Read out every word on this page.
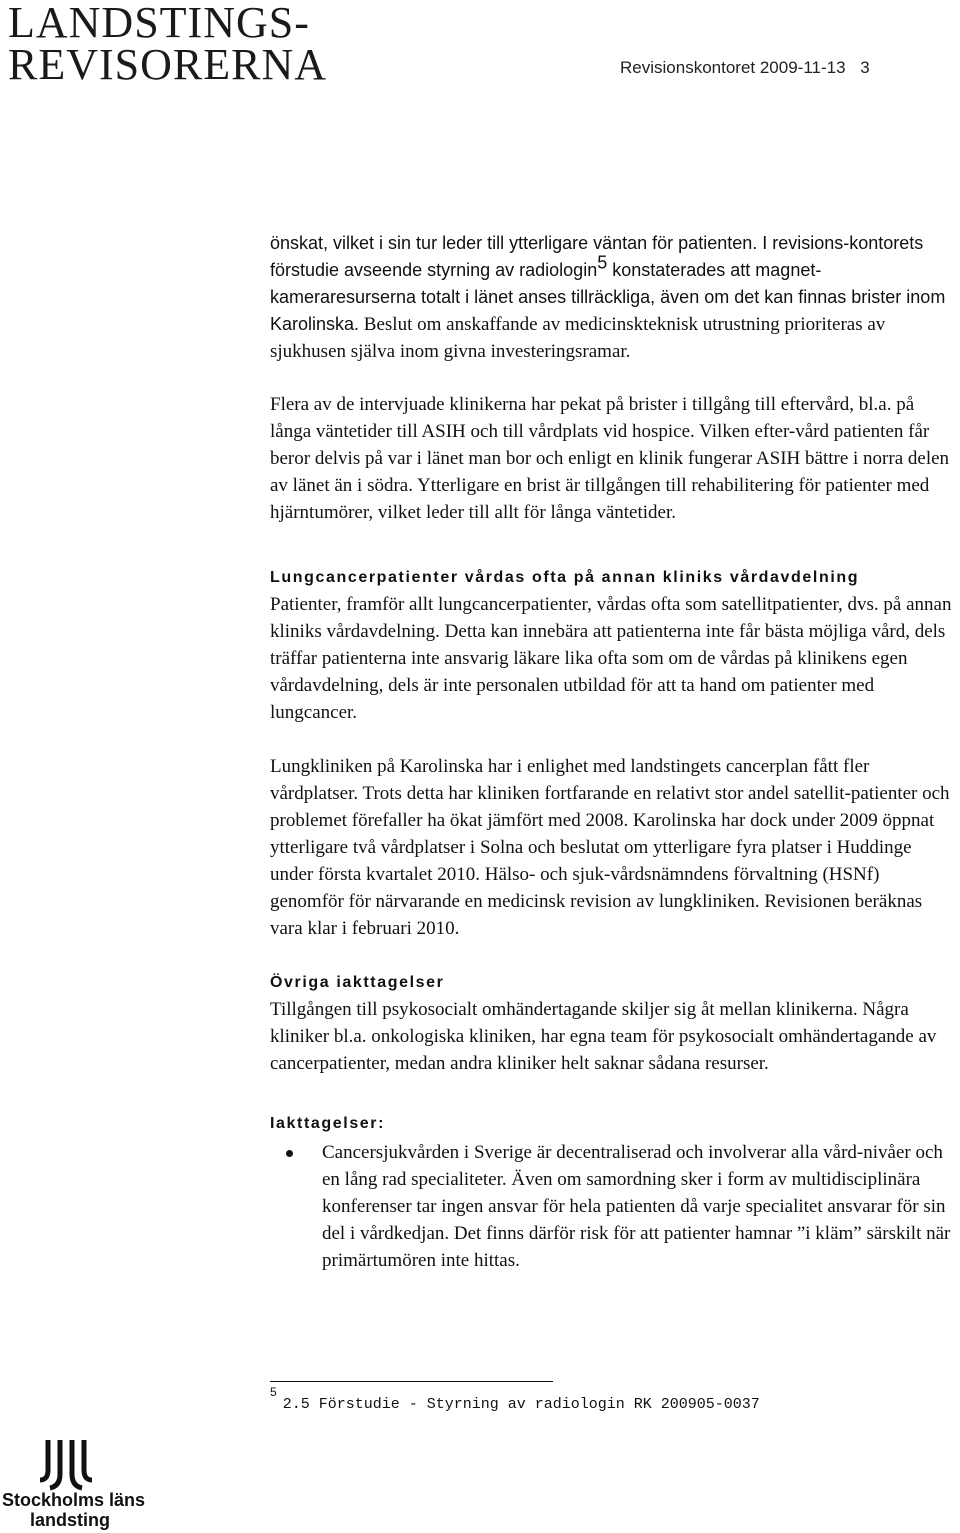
LANDSTINGS-
REVISORERNA	Revisionskontoret 2009-11-13 3

önskat, vilket i sin tur leder till ytterligare väntan för patienten. I revisions-kontorets förstudie avseende styrning av radiologin$^5$ konstaterades att magnet-kameraresurserna totalt i länet anses tillräckliga, även om det kan finnas brister inom Karolinska. Beslut om anskaffande av medicinskteknisk utrustning prioriteras av sjukhusen själva inom givna investeringsramar.

Flera av de intervjuade klinikerna har pekat på brister i tillgång till eftervård, bl.a. på långa väntetider till ASIH och till vårdplats vid hospice. Vilken efter-vård patienten får beror delvis på var i länet man bor och enligt en klinik fungerar ASIH bättre i norra delen av länet än i södra. Ytterligare en brist är tillgången till rehabilitering för patienter med hjärntumörer, vilket leder till allt för långa väntetider.

Lungcancerpatienter vårdas ofta på annan kliniks vårdavdelning

Patienter, framför allt lungcancerpatienter, vårdas ofta som satellitpatienter, dvs. på annan kliniks vårdavdelning. Detta kan innebära att patienterna inte får bästa möjliga vård, dels träffar patienterna inte ansvarig läkare lika ofta som om de vårdas på klinikens egen vårdavdelning, dels är inte personalen utbildad för att ta hand om patienter med lungcancer.

Lungkliniken på Karolinska har i enlighet med landstingets cancerplan fått fler vårdplatser. Trots detta har kliniken fortfarande en relativt stor andel satellit-patienter och problemet förefaller ha ökat jämfört med 2008. Karolinska har dock under 2009 öppnat ytterligare två vårdplatser i Solna och beslutat om ytterligare fyra platser i Huddinge under första kvartalet 2010. Hälso- och sjuk-vårdsnämndens förvaltning (HSNf) genomför för närvarande en medicinsk revision av lungkliniken. Revisionen beräknas vara klar i februari 2010.

Övriga iakttagelser

Tillgången till psykosocialt omhändertagande skiljer sig åt mellan klinikerna. Några kliniker bl.a. onkologiska kliniken, har egna team för psykosocialt omhändertagande av cancerpatienter, medan andra kliniker helt saknar sådana resurser.

Iakttagelser:
Cancersjukvården i Sverige är decentraliserad och involverar alla vård-nivåer och en lång rad specialiteter. Även om samordning sker i form av multidisciplinära konferenser tar ingen ansvar för hela patienten då varje specialitet ansvarar för sin del i vårdkedjan. Det finns därför risk för att patienter hamnar ”i kläm” särskilt när primärtumören inte hittas.
$^5$2.5 Förstudie - Styrning av radiologin RK 200905-0037
Stockholms läns
landsting
